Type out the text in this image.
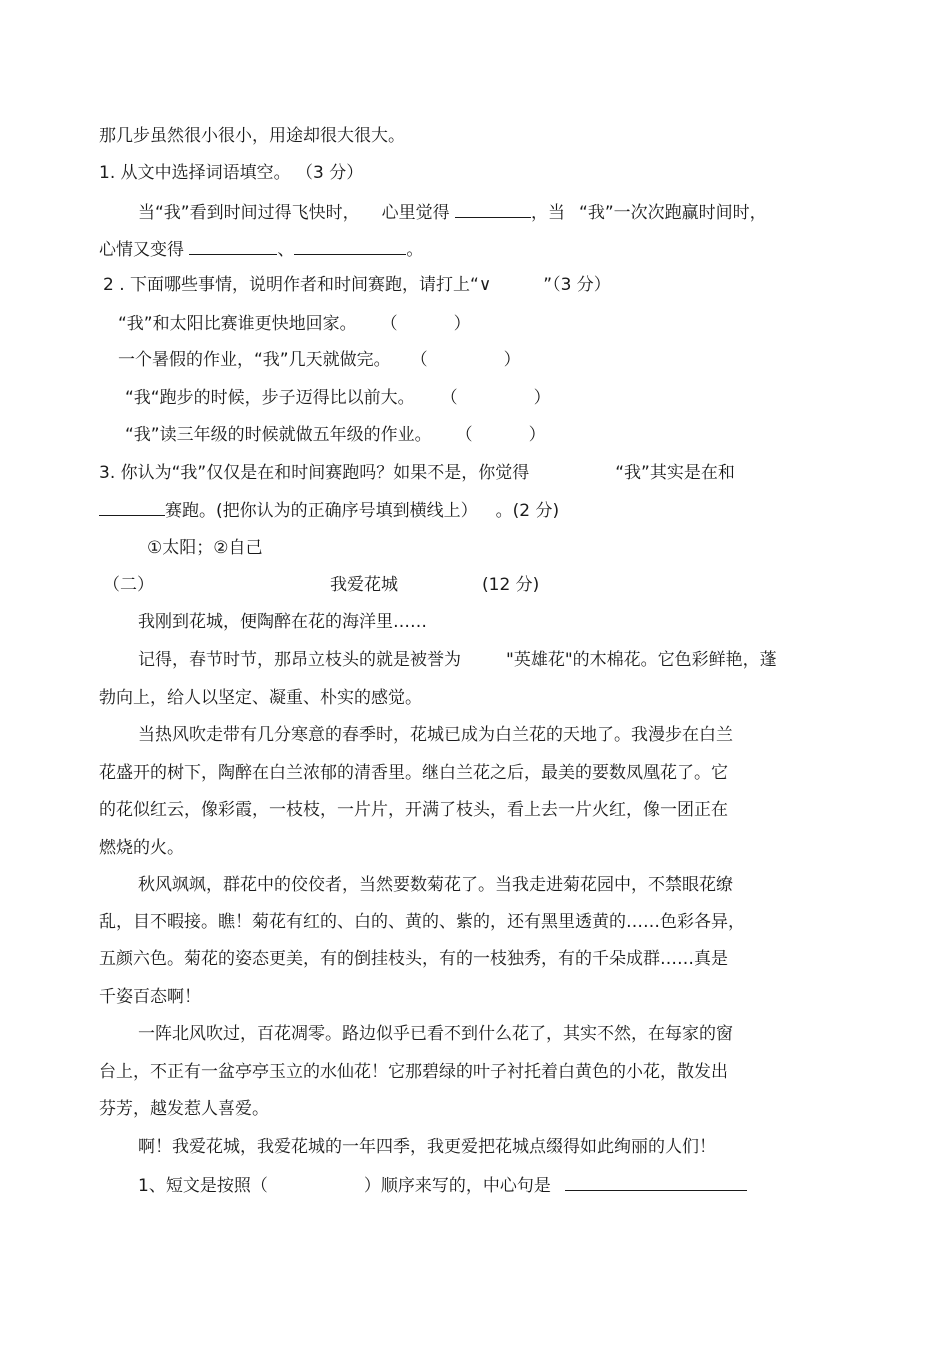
那几步虽然很小很小，用途却很大很大。
1. 从文中选择词语填空。 （3 分）
当“我”看到时间过得飞快时， 心里觉得	，当 “我”一次次跑赢时间时，
心情又变得	、	。
2 . 下面哪些事情，说明作者和时间赛跑，请打上“∨	”（3 分）
“我”和太阳比赛谁更快地回家。 （	）
一个暑假的作业，“我”几天就做完。 （	）
“我“跑步的时候，步子迈得比以前大。 （	）
“我”读三年级的时候就做五年级的作业。 （	）
3. 你认为“我”仅仅是在和时间赛跑吗？如果不是，你觉得	“我”其实是在和
赛跑。(把你认为的正确序号填到横线上） 。(2 分)
①太阳；②自己
（二）	我爱花城	(12 分)
我刚到花城，便陶醉在花的海洋里……
记得，春节时节，那昂立枝头的就是被誉为	"英雄花"的木棉花。它色彩鲜艳，蓬
勃向上，给人以坚定、凝重、朴实的感觉。
当热风吹走带有几分寒意的春季时，花城已成为白兰花的天地了。我漫步在白兰
花盛开的树下，陶醉在白兰浓郁的清香里。继白兰花之后，最美的要数凤凰花了。它
的花似红云，像彩霞，一枝枝，一片片，开满了枝头，看上去一片火红，像一团正在
燃烧的火。
秋风飒飒，群花中的佼佼者，当然要数菊花了。当我走进菊花园中，不禁眼花缭
乱，目不暇接。瞧！菊花有红的、白的、黄的、紫的，还有黑里透黄的……色彩各异，
五颜六色。菊花的姿态更美，有的倒挂枝头，有的一枝独秀，有的千朵成群……真是
千姿百态啊！
一阵北风吹过，百花凋零。路边似乎已看不到什么花了，其实不然，在每家的窗
台上，不正有一盆亭亭玉立的水仙花！它那碧绿的叶子衬托着白黄色的小花，散发出
芬芳，越发惹人喜爱。
啊！我爱花城，我爱花城的一年四季，我更爱把花城点缀得如此绚丽的人们！
1、短文是按照（	）顺序来写的，中心句是
